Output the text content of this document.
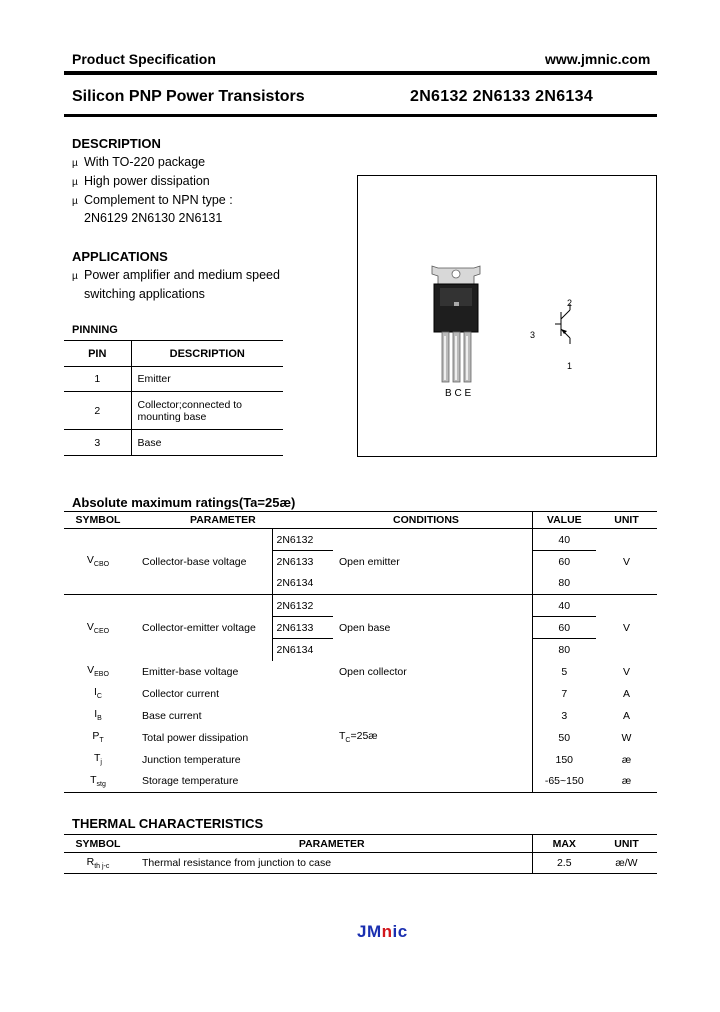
Product Specification	www.jmnic.com
Silicon PNP Power Transistors	2N6132 2N6133 2N6134
DESCRIPTION
µ With TO-220 package
µ High power dissipation
µ Complement to NPN type :
2N6129 2N6130 2N6131
APPLICATIONS
µ Power amplifier and medium speed
switching applications
PINNING
PIN	DESCRIPTION
1	Emitter
2	Collector;connected to
mounting base

3	Base
B C E
2
3
1
Absolute maximum ratings(Ta=25æ)
SYMBOL	PARAMETER		CONDITIONS	VALUE	UNIT
$V_{CBO}$	Collector-base voltage	2N6132	Open emitter	40	V
		2N6133		60	
		2N6134		80	
$V_{CEO}$	Collector-emitter voltage	2N6132	Open base	40	V
		2N6133		60	
		2N6134		80	
$V_{EBO}$	Emitter-base voltage		Open collector	5	V
$I_C$	Collector current			7	A
$I_B$	Base current			3	A
$P_T$	Total power dissipation		$T_C=25æ$	50	W
$T_j$	Junction temperature			150	æ
$T_{stg}$	Storage temperature			-65~150	æ
THERMAL CHARACTERISTICS
SYMBOL	PARAMETER	MAX	UNIT
$R_{th j-c}$	Thermal resistance from junction to case	2.5	æ/W
JMnic
